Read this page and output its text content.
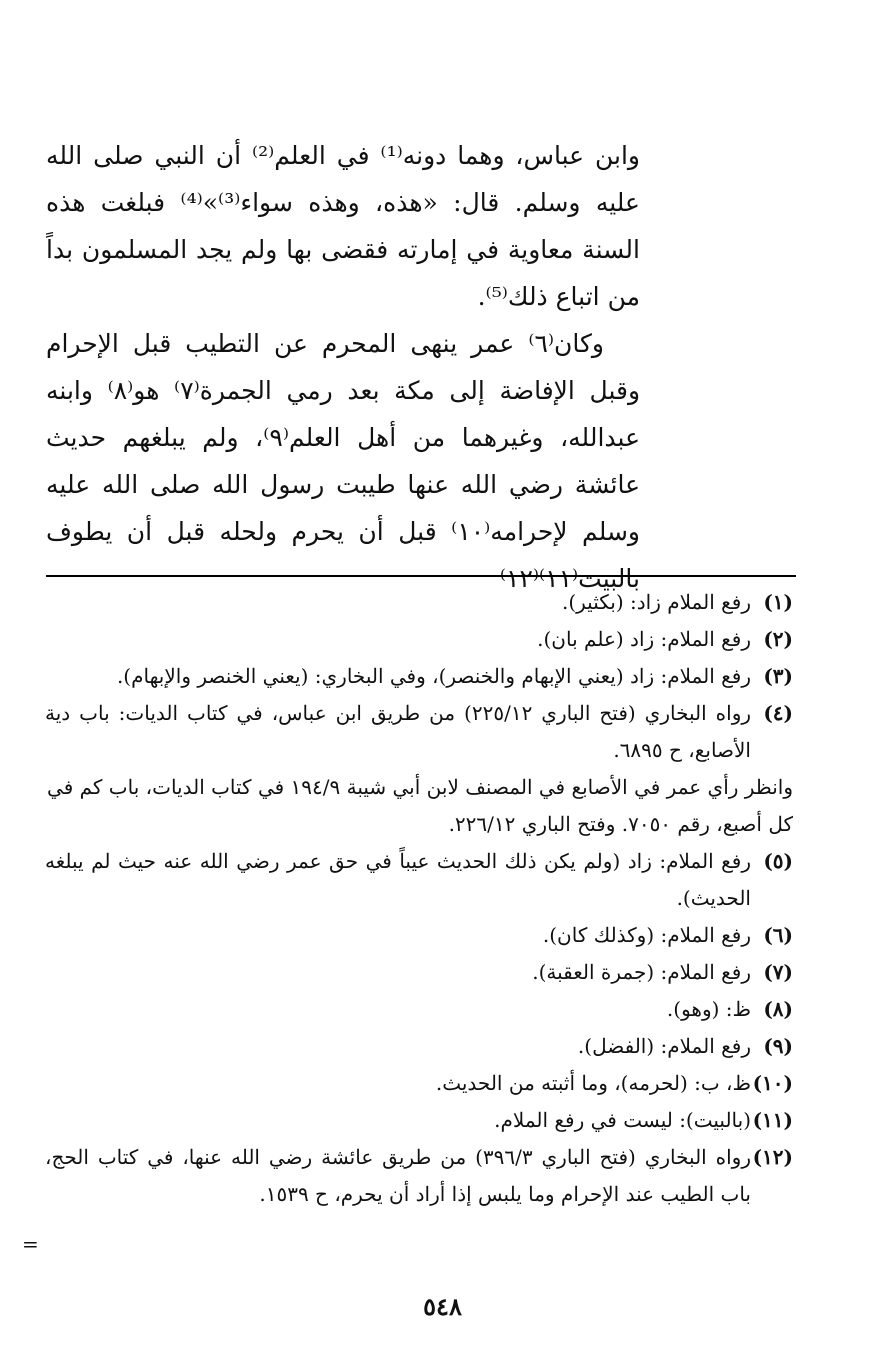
وابن عباس، وهما دونه⁽¹⁾ في العلم⁽²⁾ أن النبي صلى الله عليه وسلم. قال: «هذه، وهذه سواء⁽³⁾»⁽⁴⁾ فبلغت هذه السنة معاوية في إمارته فقضى بها ولم يجد المسلمون بداً من اتباع ذلك⁽⁵⁾.

وكان⁽٦⁾ عمر ينهى المحرم عن التطيب قبل الإحرام وقبل الإفاضة إلى مكة بعد رمي الجمرة⁽٧⁾ هو⁽٨⁾ وابنه عبدالله، وغيرهما من أهل العلم⁽٩⁾، ولم يبلغهم حديث عائشة رضي الله عنها طيبت رسول الله صلى الله عليه وسلم لإحرامه⁽١٠⁾ قبل أن يحرم ولحله قبل أن يطوف بالبيت⁽١١⁾⁽١٢⁾

(١)
رفع الملام زاد: (بكثير).
(٢)
رفع الملام: زاد (علم بان).
(٣)
رفع الملام: زاد (يعني الإبهام والخنصر)، وفي البخاري: (يعني الخنصر والإبهام).
(٤)
رواه البخاري (فتح الباري ٢٢٥/١٢) من طريق ابن عباس، في كتاب الديات: باب دية الأصابع، ح ٦٨٩٥.
وانظر رأي عمر في الأصابع في المصنف لابن أبي شيبة ١٩٤/٩ في كتاب الديات، باب كم في كل أصبع، رقم ٧٠٥٠. وفتح الباري ٢٢٦/١٢.
(٥)
رفع الملام: زاد (ولم يكن ذلك الحديث عيباً في حق عمر رضي الله عنه حيث لم يبلغه الحديث).
(٦)
رفع الملام: (وكذلك كان).
(٧)
رفع الملام: (جمرة العقبة).
(٨)
ظ: (وهو).
(٩)
رفع الملام: (الفضل).
(١٠)
ظ، ب: (لحرمه)، وما أثبته من الحديث.
(١١)
(بالبيت): ليست في رفع الملام.
(١٢)
رواه البخاري (فتح الباري ٣٩٦/٣) من طريق عائشة رضي الله عنها، في كتاب الحج، باب الطيب عند الإحرام وما يلبس إذا أراد أن يحرم، ح ١٥٣٩.
=
٥٤٨
